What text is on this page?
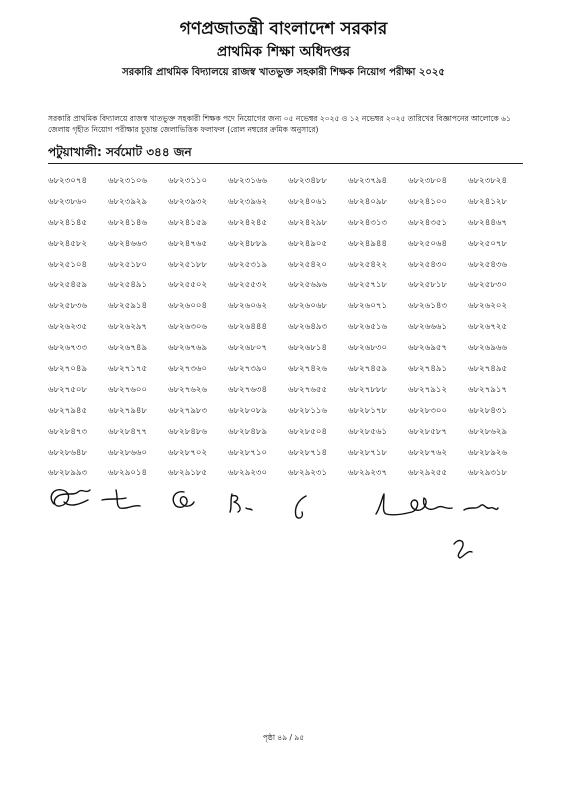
গণপ্রজাতন্ত্রী বাংলাদেশ সরকার
প্রাথমিক শিক্ষা অধিদপ্তর
সরকারি প্রাথমিক বিদ্যালয়ে রাজস্ব খাতভুক্ত সহকারী শিক্ষক নিয়োগ পরীক্ষা ২০২৫
সরকারি প্রাথমিক বিদ্যালয়ে রাজস্ব খাতভুক্ত সহকারী শিক্ষক পদে নিয়োগের জন্য ০৫ নভেম্বর ২০২৫ ও ১২ নভেম্বর ২০২৫ তারিখের বিজ্ঞাপনের আলোকে ৬১ জেলায় গৃহীত নিয়োগ পরীক্ষার চূড়ান্ত জেলাভিত্তিক ফলাফল (রোল নম্বরের ক্রমিক অনুসারে)
পটুয়াখালী: সর্বমোট ৩৪৪ জন
৬৮২৩০৭৪	৬৮২৩১০৬	৬৮২৩১১০	৬৮২৩১৬৬	৬৮২৩৪৮৮	৬৮২৩৭৯৪	৬৮২৩৮০৪	৬৮২৩৮২৪
৬৮২৩৮৬০	৬৮২৩৯২৯	৬৮২৩৯৩২	৬৮২৩৯৬২	৬৮২৪০৬১	৬৮২৪০৯৮	৬৮২৪১০০	৬৮২৪১২৮
৬৮২৪১৪৫	৬৮২৪১৪৬	৬৮২৪১৫৯	৬৮২৪২৪৫	৬৮২৪২৯৮	৬৮২৪৩১৩	৬৮২৪৩৫১	৬৮২৪৪৬৭
৬৮২৪৫৮২	৬৮২৪৬৬৩	৬৮২৪৭৬৫	৬৮২৪৮৮৯	৬৮২৪৯০৫	৬৮২৪৯৪৪	৬৮২৫০৬৪	৬৮২৫০৭৮
৬৮২৫১০৪	৬৮২৫১৮০	৬৮২৫১৮৮	৬৮২৫৩১৯	৬৮২৫৪২০	৬৮২৫৪২২	৬৮২৫৪৩০	৬৮২৫৪৩৬
৬৮২৫৪৫৯	৬৮২৫৪৯১	৬৮২৫৫০২	৬৮২৫৫৩২	৬৮২৫৬৯৬	৬৮২৫৭১৮	৬৮২৫৮১৮	৬৮২৫৮৩০
৬৮২৫৮৩৬	৬৮২৫৯১৪	৬৮২৬০০৪	৬৮২৬০৬২	৬৮২৬০৬৮	৬৮২৬০৭১	৬৮২৬১৪৩	৬৮২৬২০২
৬৮২৬২৩৫	৬৮২৬২৯৭	৬৮২৬৩০৬	৬৮২৬৪৪৪	৬৮২৬৪৯৩	৬৮২৬৫১৬	৬৮২৬৬৬১	৬৮২৬৭২৫
৬৮২৬৭৩৩	৬৮২৬৭৪৯	৬৮২৬৭৬৯	৬৮২৬৮০৭	৬৮২৬৮১৪	৬৮২৬৮৩০	৬৮২৬৯৫৭	৬৮২৬৯৬৬
৬৮২৭০৪৯	৬৮২৭১৭৫	৬৮২৭৩৬০	৬৮২৭৩৯০	৬৮২৭৪২৬	৬৮২৭৪৫৯	৬৮২৭৪৯১	৬৮২৭৪৯৫
৬৮২৭৫০৮	৬৮২৭৬০০	৬৮২৭৬২৬	৬৮২৭৬৩৪	৬৮২৭৬৫৫	৬৮২৭৮৮৮	৬৮২৭৯১২	৬৮২৭৯১৭
৬৮২৭৯৪৫	৬৮২৭৯৪৮	৬৮২৭৯৮৩	৬৮২৮০৮৯	৬৮২৮১১৬	৬৮২৮১৭৮	৬৮২৮৩০০	৬৮২৮৪৩১
৬৮২৮৪৭৩	৬৮২৮৪৭৭	৬৮২৮৪৮৬	৬৮২৮৪৮৯	৬৮২৮৫০৪	৬৮২৮৫৬১	৬৮২৮৫৮৭	৬৮২৮৬২৯
৬৮২৮৬৪৮	৬৮২৮৬৬০	৬৮২৮৭০২	৬৮২৮৭১০	৬৮২৮৭১৪	৬৮২৮৭১৮	৬৮২৮৭৬২	৬৮২৮৯২৬
৬৮২৮৯৯৩	৬৮২৯০১৪	৬৮২৯১৮৫	৬৮২৯২৩০	৬৮২৯২৩১	৬৮২৯২৩৭	৬৮২৯২৫৫	৬৮২৯৩১৮
পৃষ্ঠা ৪৯ / ৯৫
